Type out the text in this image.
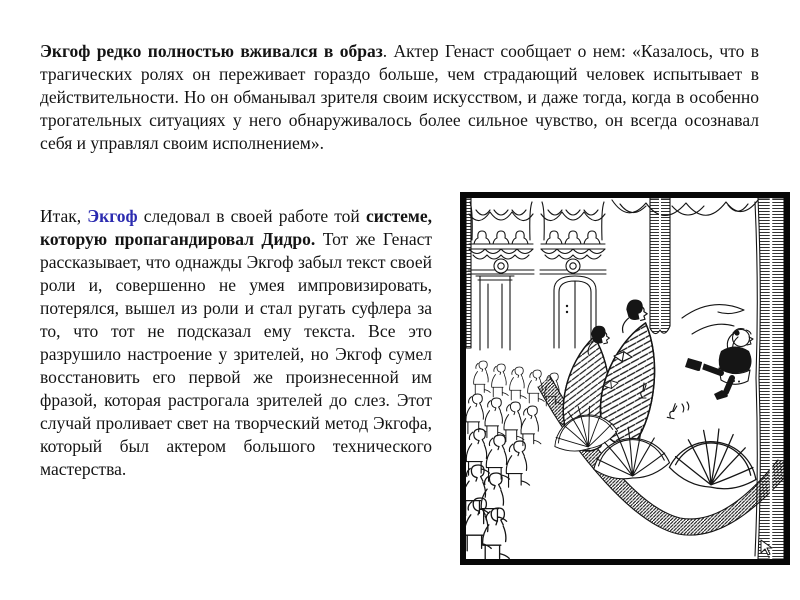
Экгоф редко полностью вживался в образ. Актер Генаст сообщает о нем: «Казалось, что в трагических ролях он переживает гораздо больше, чем страдающий человек испытывает в действительности. Но он обманывал зрителя своим искусством, и даже тогда, когда в особенно трогательных ситуациях у него обнаруживалось более сильное чувство, он всегда осознавал себя и управлял своим исполнением».

Итак, Экгоф следовал в своей работе той системе, которую пропагандировал Дидро. Тот же Генаст рассказывает, что однажды Экгоф забыл текст своей роли и, совершенно не умея импровизировать, потерялся, вышел из роли и стал ругать суфлера за то, что тот не подсказал ему текста. Все это разрушило настроение у зрителей, но Экгоф сумел восстановить его первой же произнесенной им фразой, которая растрогала зрителей до слез. Этот случай проливает свет на творческий метод Экгофа, который был актером большого технического мастерства.
